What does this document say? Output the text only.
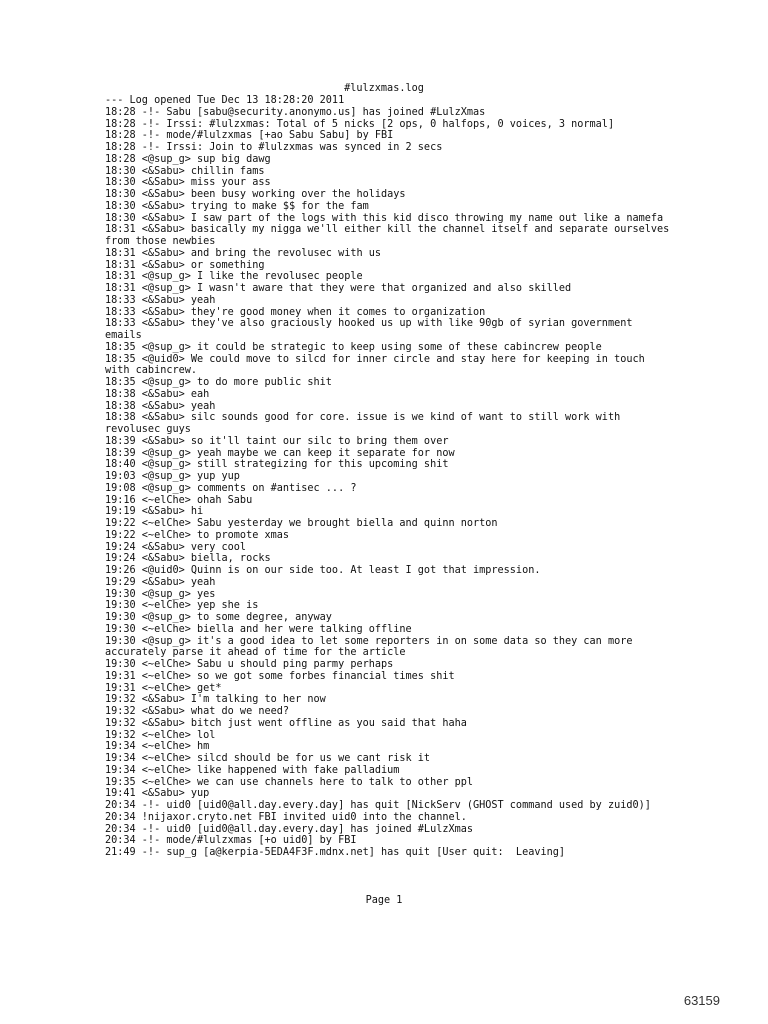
#lulzxmas.log
--- Log opened Tue Dec 13 18:28:20 2011
18:28 -!- Sabu [sabu@security.anonymo.us] has joined #LulzXmas
18:28 -!- Irssi: #lulzxmas: Total of 5 nicks [2 ops, 0 halfops, 0 voices, 3 normal]
18:28 -!- mode/#lulzxmas [+ao Sabu Sabu] by FBI
18:28 -!- Irssi: Join to #lulzxmas was synced in 2 secs
18:28 <@sup_g> sup big dawg
18:30 <&Sabu> chillin fams
18:30 <&Sabu> miss your ass
18:30 <&Sabu> been busy working over the holidays
18:30 <&Sabu> trying to make $$ for the fam
18:30 <&Sabu> I saw part of the logs with this kid disco throwing my name out like a namefa
18:31 <&Sabu> basically my nigga we'll either kill the channel itself and separate ourselves from those newbies
18:31 <&Sabu> and bring the revolusec with us
18:31 <&Sabu> or something
18:31 <@sup_g> I like the revolusec people
18:31 <@sup_g> I wasn't aware that they were that organized and also skilled
18:33 <&Sabu> yeah
18:33 <&Sabu> they're good money when it comes to organization
18:33 <&Sabu> they've also graciously hooked us up with like 90gb of syrian government emails
18:35 <@sup_g> it could be strategic to keep using some of these cabincrew people
18:35 <@uid0> We could move to silcd for inner circle and stay here for keeping in touch with cabincrew.
18:35 <@sup_g> to do more public shit
18:38 <&Sabu> eah
18:38 <&Sabu> yeah
18:38 <&Sabu> silc sounds good for core. issue is we kind of want to still work with revolusec guys
18:39 <&Sabu> so it'll taint our silc to bring them over
18:39 <@sup_g> yeah maybe we can keep it separate for now
18:40 <@sup_g> still strategizing for this upcoming shit
19:03 <@sup_g> yup yup
19:08 <@sup_g> comments on #antisec ... ?
19:16 <~elChe> ohah Sabu
19:19 <&Sabu> hi
19:22 <~elChe> Sabu yesterday we brought biella and quinn norton
19:22 <~elChe> to promote xmas
19:24 <&Sabu> very cool
19:24 <&Sabu> biella, rocks
19:26 <@uid0> Quinn is on our side too. At least I got that impression.
19:29 <&Sabu> yeah
19:30 <@sup_g> yes
19:30 <~elChe> yep she is
19:30 <@sup_g> to some degree, anyway
19:30 <~elChe> biella and her were talking offline
19:30 <@sup_g> it's a good idea to let some reporters in on some data so they can more accurately parse it ahead of time for the article
19:30 <~elChe> Sabu u should ping parmy perhaps
19:31 <~elChe> so we got some forbes financial times shit
19:31 <~elChe> get*
19:32 <&Sabu> I'm talking to her now
19:32 <&Sabu> what do we need?
19:32 <&Sabu> bitch just went offline as you said that haha
19:32 <~elChe> lol
19:34 <~elChe> hm
19:34 <~elChe> silcd should be for us we cant risk it
19:34 <~elChe> like happened with fake palladium
19:35 <~elChe> we can use channels here to talk to other ppl
19:41 <&Sabu> yup
20:34 -!- uid0 [uid0@all.day.every.day] has quit [NickServ (GHOST command used by zuid0)]
20:34 !nijaxor.cryto.net FBI invited uid0 into the channel.
20:34 -!- uid0 [uid0@all.day.every.day] has joined #LulzXmas
20:34 -!- mode/#lulzxmas [+o uid0] by FBI
21:49 -!- sup_g [a@kerpia-5EDA4F3F.mdnx.net] has quit [User quit:  Leaving]
Page 1
63159
